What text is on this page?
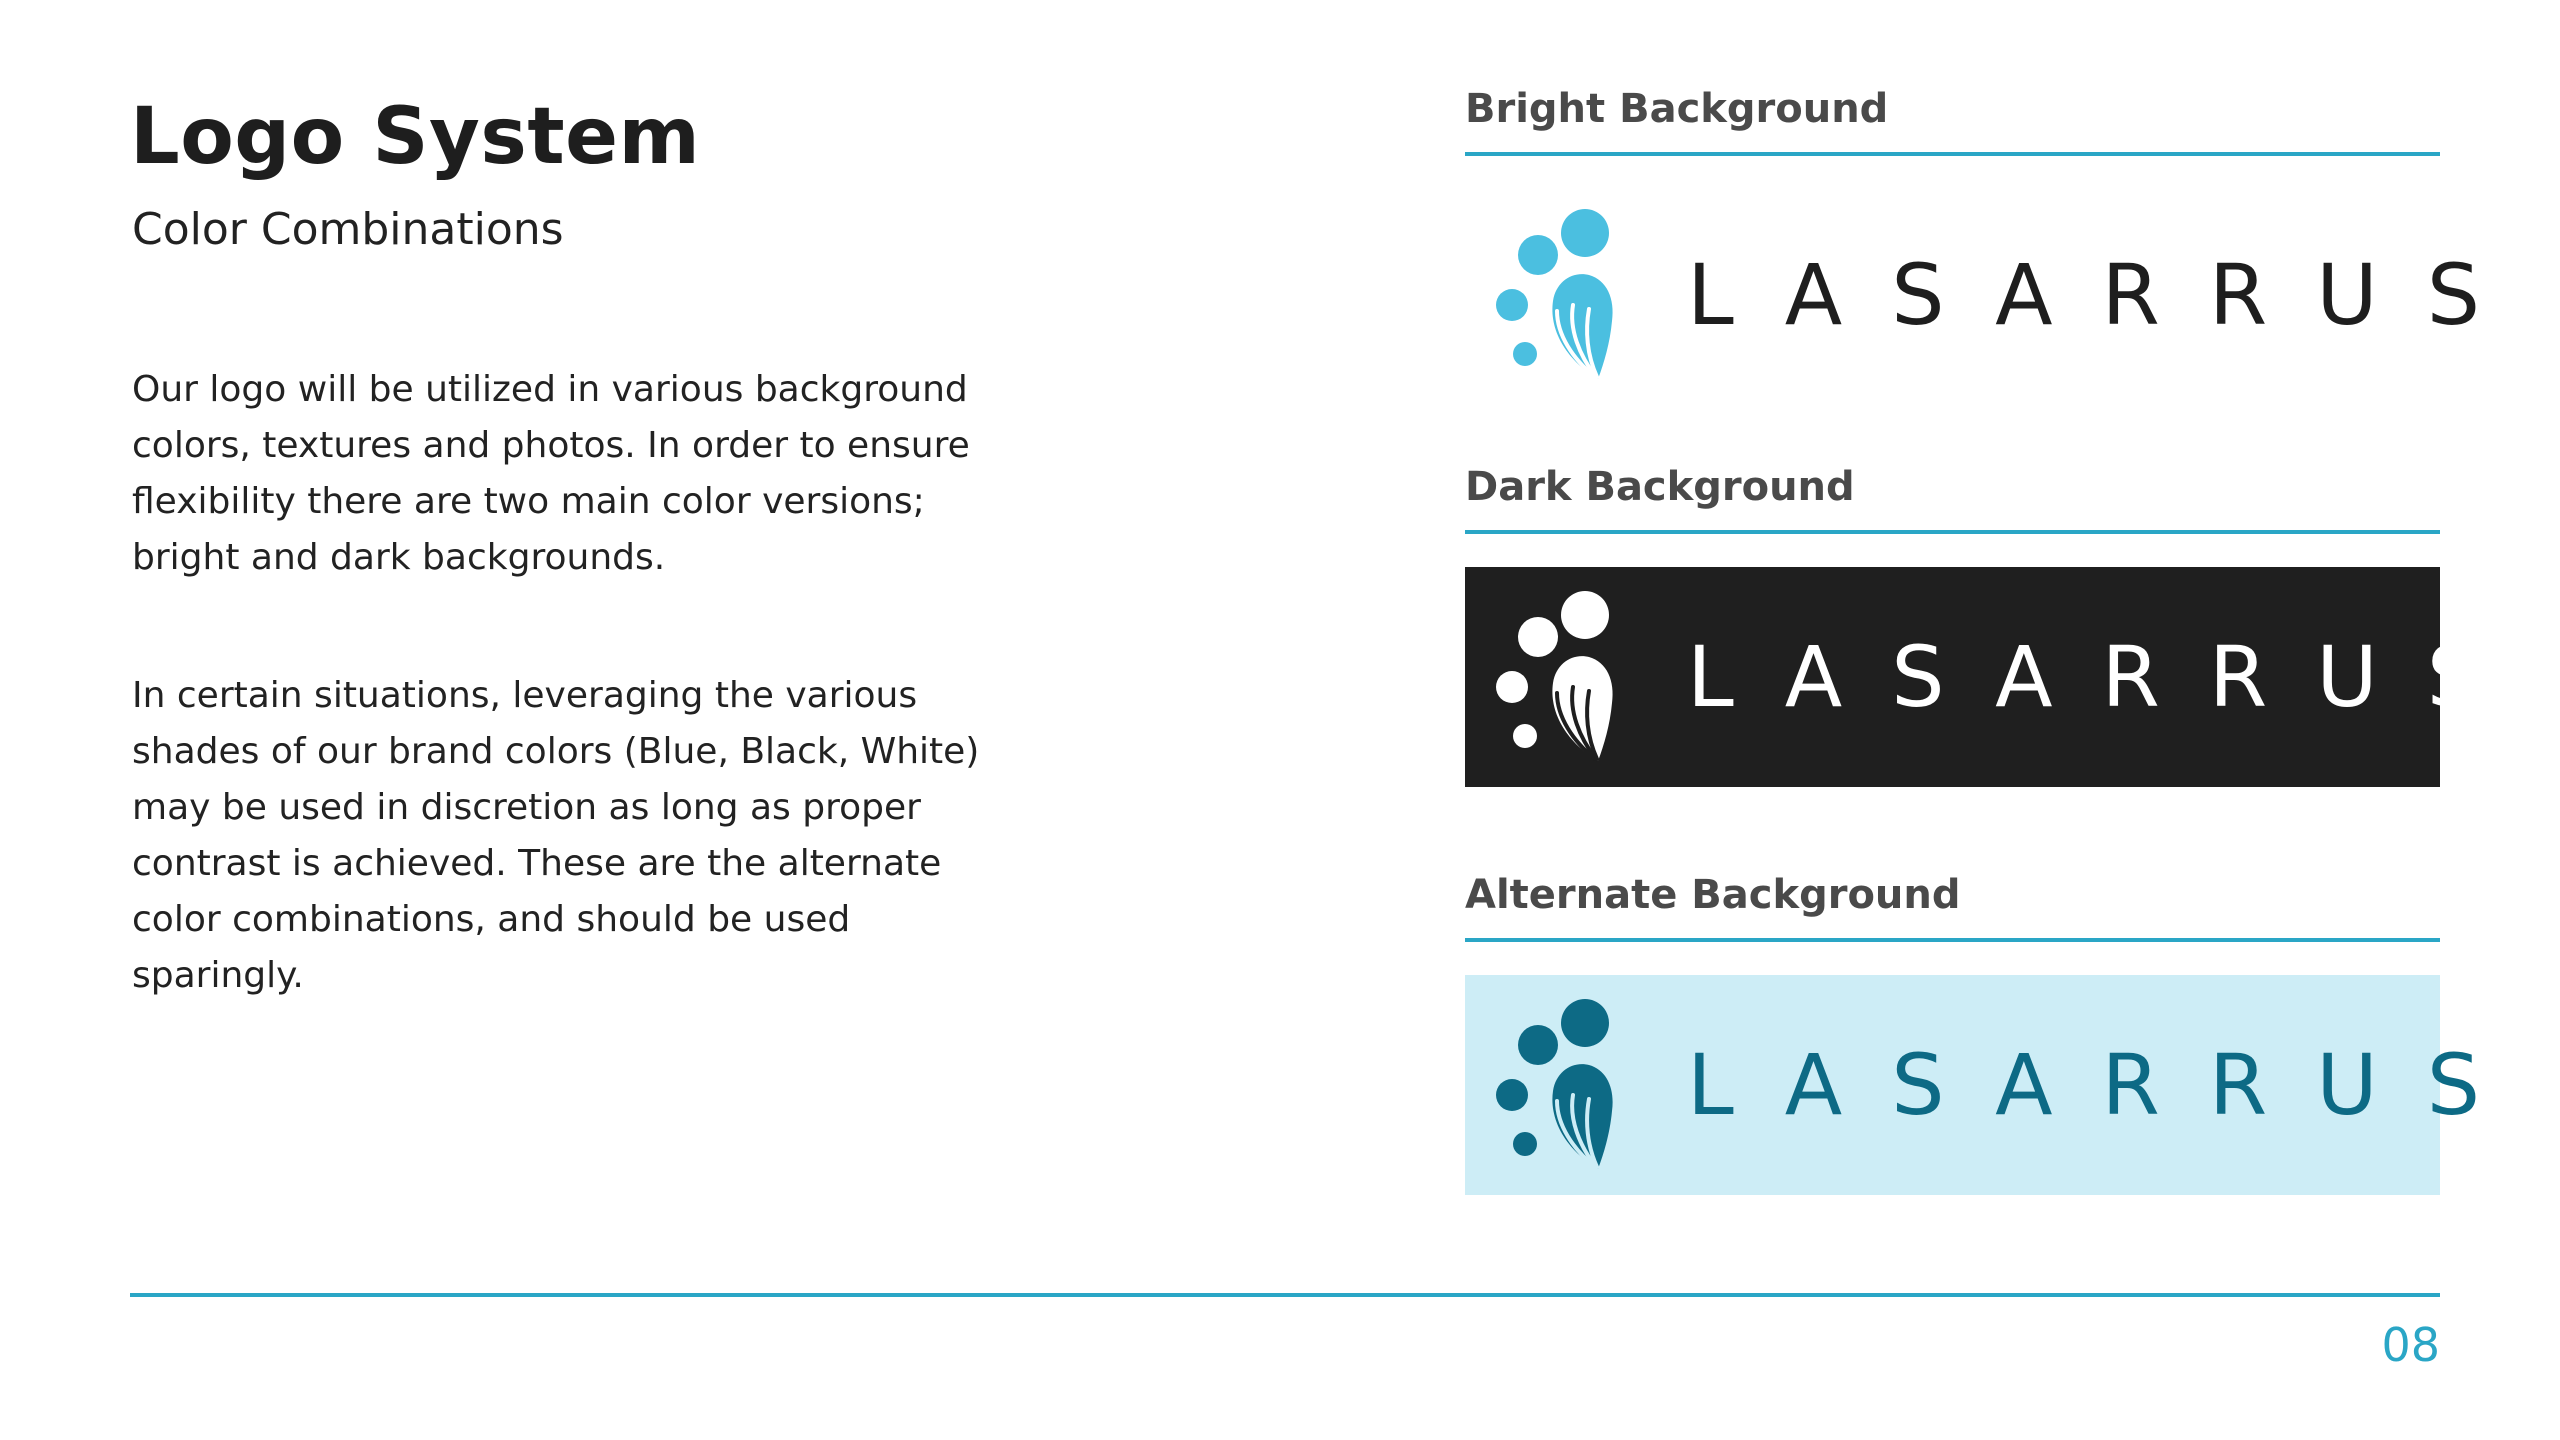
Logo System

Color Combinations

Our logo will be utilized in various background colors, textures and photos. In order to ensure flexibility there are two main color versions; bright and dark backgrounds.

In certain situations, leveraging the various shades of our brand colors (Blue, Black, White) may be used in discretion as long as proper contrast is achieved. These are the alternate color combinations, and should be used sparingly.

Bright Background
LASARRUS
Dark Background
LASARRUS
Alternate Background
LASARRUS
08
